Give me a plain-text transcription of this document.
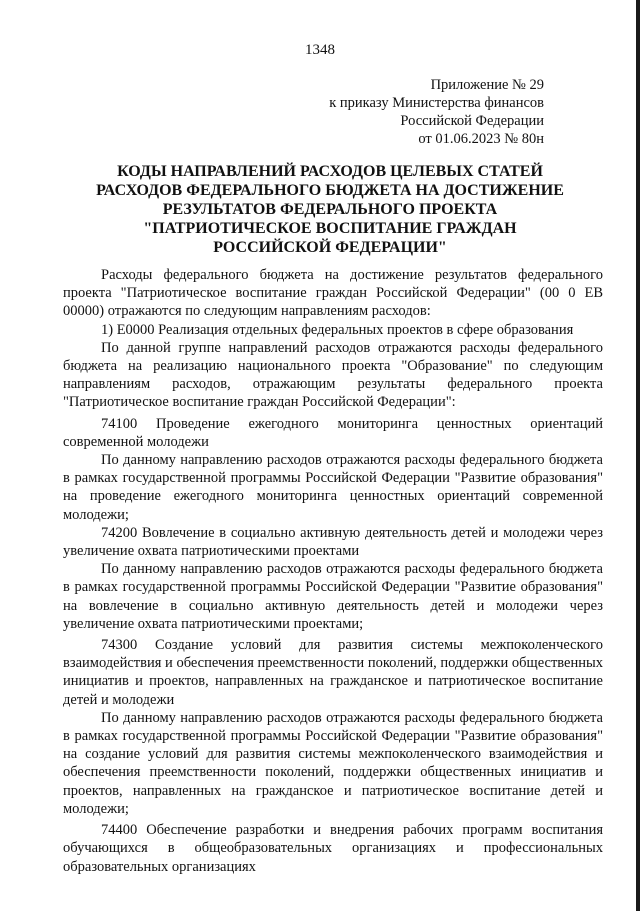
1348
Приложение № 29
к приказу Министерства финансов
Российской Федерации
от 01.06.2023 № 80н
КОДЫ НАПРАВЛЕНИЙ РАСХОДОВ ЦЕЛЕВЫХ СТАТЕЙ
РАСХОДОВ ФЕДЕРАЛЬНОГО БЮДЖЕТА НА ДОСТИЖЕНИЕ
РЕЗУЛЬТАТОВ ФЕДЕРАЛЬНОГО ПРОЕКТА
"ПАТРИОТИЧЕСКОЕ ВОСПИТАНИЕ ГРАЖДАН
РОССИЙСКОЙ ФЕДЕРАЦИИ"

Расходы федерального бюджета на достижение результатов федерального проекта "Патриотическое воспитание граждан Российской Федерации" (00 0 ЕВ 00000) отражаются по следующим направлениям расходов:

1) Е0000 Реализация отдельных федеральных проектов в сфере образования

По данной группе направлений расходов отражаются расходы федерального бюджета на реализацию национального проекта "Образование" по следующим направлениям расходов, отражающим результаты федерального проекта "Патриотическое воспитание граждан Российской Федерации":

74100 Проведение ежегодного мониторинга ценностных ориентаций современной молодежи

По данному направлению расходов отражаются расходы федерального бюджета в рамках государственной программы Российской Федерации "Развитие образования" на проведение ежегодного мониторинга ценностных ориентаций современной молодежи;

74200 Вовлечение в социально активную деятельность детей и молодежи через увеличение охвата патриотическими проектами

По данному направлению расходов отражаются расходы федерального бюджета в рамках государственной программы Российской Федерации "Развитие образования" на вовлечение в социально активную деятельность детей и молодежи через увеличение охвата патриотическими проектами;

74300 Создание условий для развития системы межпоколенческого взаимодействия и обеспечения преемственности поколений, поддержки общественных инициатив и проектов, направленных на гражданское и патриотическое воспитание детей и молодежи

По данному направлению расходов отражаются расходы федерального бюджета в рамках государственной программы Российской Федерации "Развитие образования" на создание условий для развития системы межпоколенческого взаимодействия и обеспечения преемственности поколений, поддержки общественных инициатив и проектов, направленных на гражданское и патриотическое воспитание детей и молодежи;

74400 Обеспечение разработки и внедрения рабочих программ воспитания обучающихся в общеобразовательных организациях и профессиональных образовательных организациях
